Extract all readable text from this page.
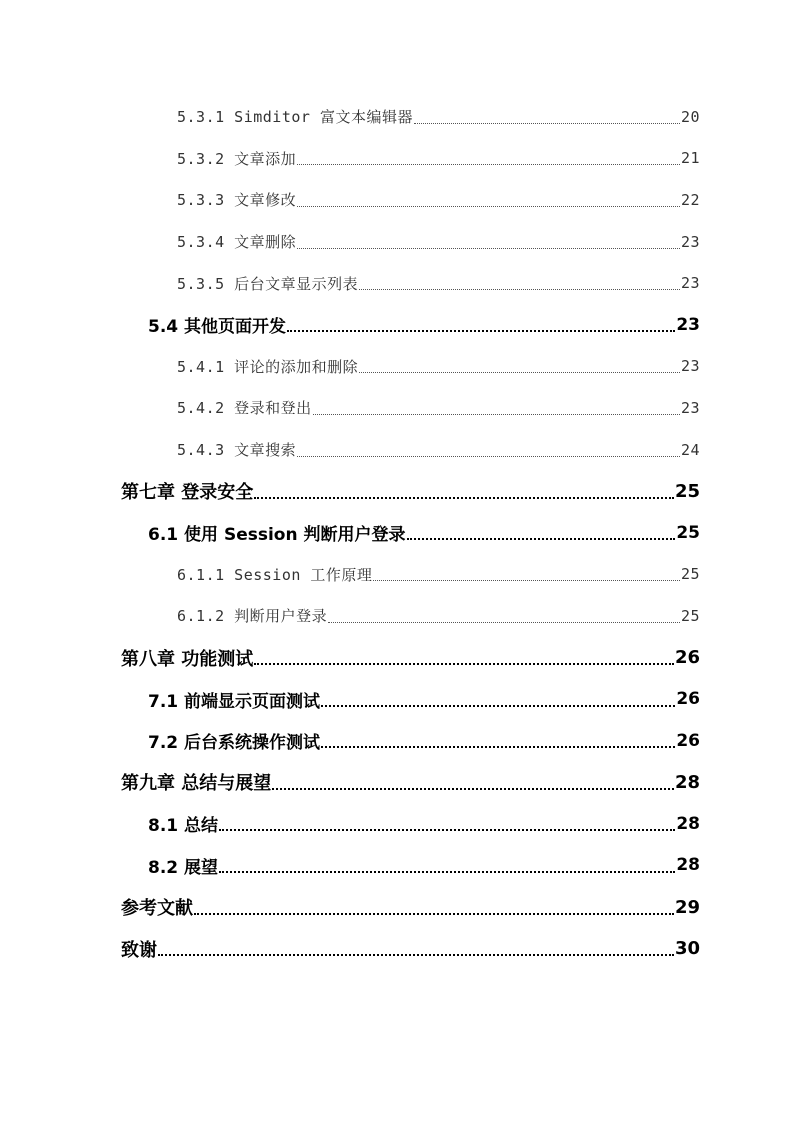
5.3.1 Simditor 富文本编辑器	20
5.3.2 文章添加	21
5.3.3 文章修改	22
5.3.4 文章删除	23
5.3.5 后台文章显示列表	23
5.4 其他页面开发	23
5.4.1 评论的添加和删除	23
5.4.2 登录和登出	23
5.4.3 文章搜索	24
第七章 登录安全	25
6.1 使用 Session 判断用户登录	25
6.1.1 Session 工作原理	25
6.1.2 判断用户登录	25
第八章 功能测试	26
7.1 前端显示页面测试	26
7.2 后台系统操作测试	26
第九章 总结与展望	28
8.1 总结	28
8.2 展望	28
参考文献	29
致谢	30
